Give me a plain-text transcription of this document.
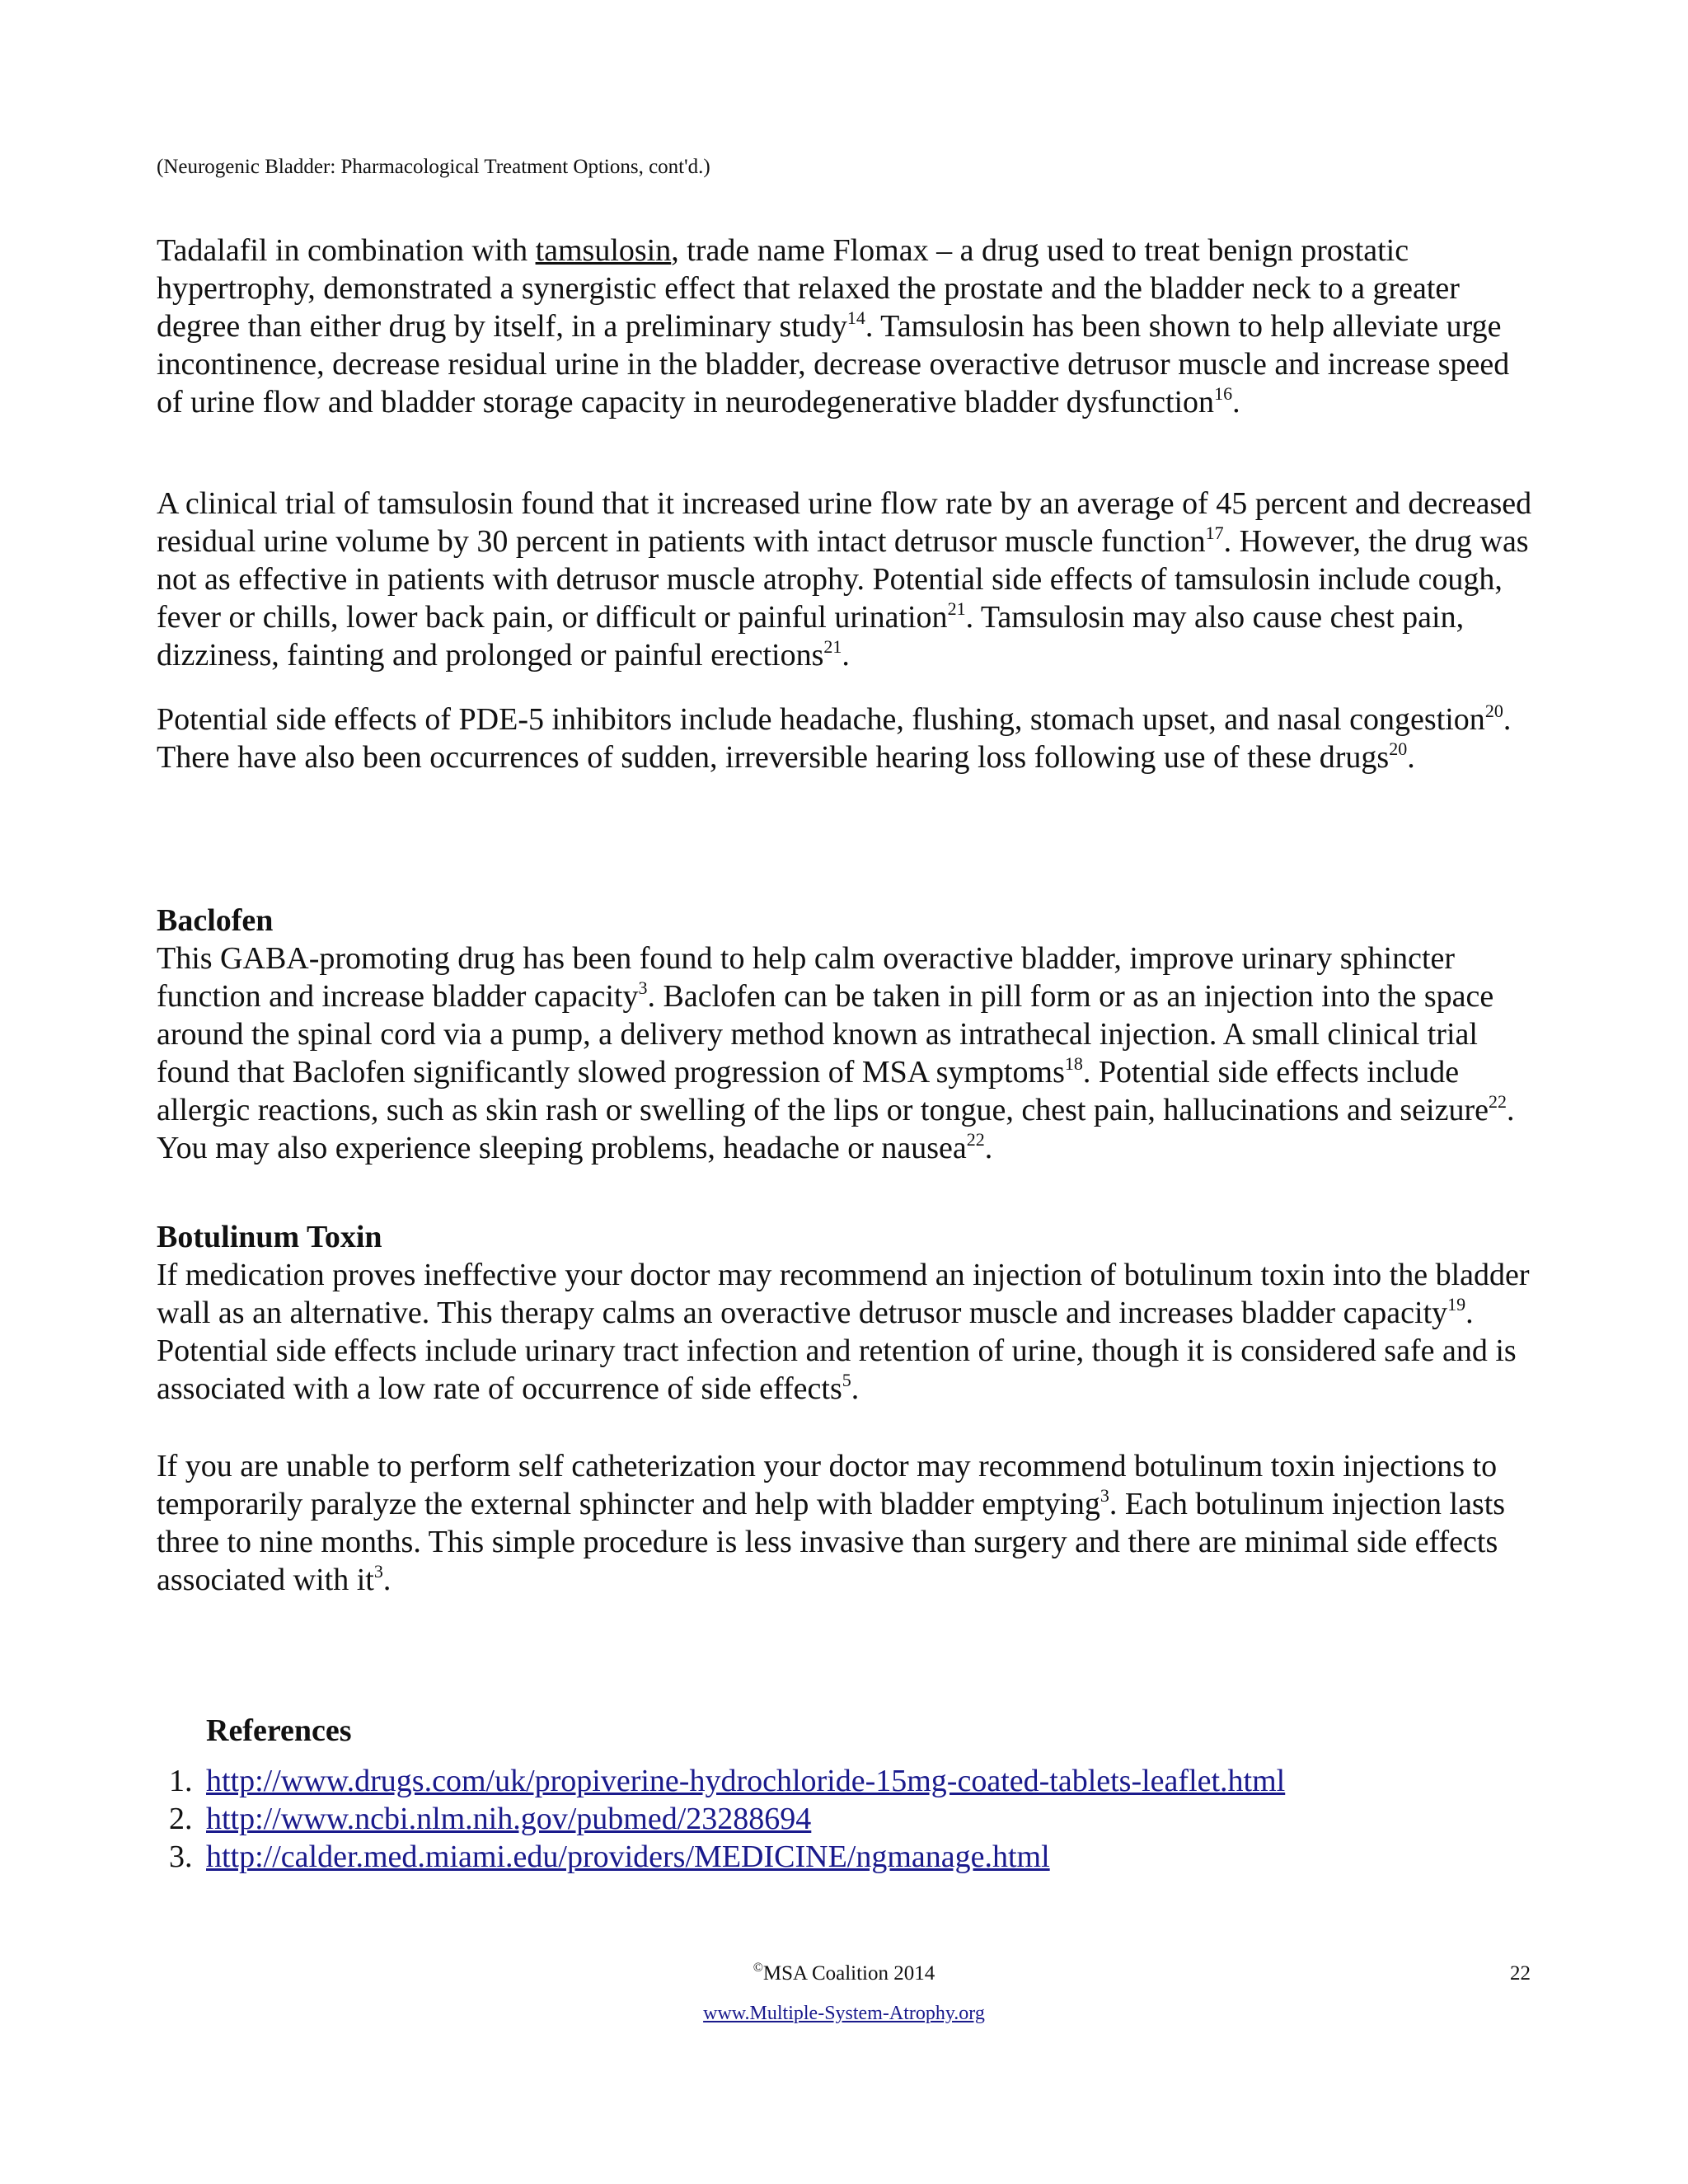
(Neurogenic Bladder: Pharmacological Treatment Options, cont'd.)

Tadalafil in combination with tamsulosin, trade name Flomax – a drug used to treat benign prostatic hypertrophy, demonstrated a synergistic effect that relaxed the prostate and the bladder neck to a greater degree than either drug by itself, in a preliminary study$^{14}$. Tamsulosin has been shown to help alleviate urge incontinence, decrease residual urine in the bladder, decrease overactive detrusor muscle and increase speed of urine flow and bladder storage capacity in neurodegenerative bladder dysfunction$^{16}$.

A clinical trial of tamsulosin found that it increased urine flow rate by an average of 45 percent and decreased residual urine volume by 30 percent in patients with intact detrusor muscle function$^{17}$. However, the drug was not as effective in patients with detrusor muscle atrophy. Potential side effects of tamsulosin include cough, fever or chills, lower back pain, or difficult or painful urination$^{21}$. Tamsulosin may also cause chest pain, dizziness, fainting and prolonged or painful erections$^{21}$.

Potential side effects of PDE-5 inhibitors include headache, flushing, stomach upset, and nasal congestion$^{20}$. There have also been occurrences of sudden, irreversible hearing loss following use of these drugs$^{20}$.

Baclofen

This GABA-promoting drug has been found to help calm overactive bladder, improve urinary sphincter function and increase bladder capacity$^3$. Baclofen can be taken in pill form or as an injection into the space around the spinal cord via a pump, a delivery method known as intrathecal injection. A small clinical trial found that Baclofen significantly slowed progression of MSA symptoms$^{18}$. Potential side effects include allergic reactions, such as skin rash or swelling of the lips or tongue, chest pain, hallucinations and seizure$^{22}$. You may also experience sleeping problems, headache or nausea$^{22}$.

Botulinum Toxin

If medication proves ineffective your doctor may recommend an injection of botulinum toxin into the bladder wall as an alternative. This therapy calms an overactive detrusor muscle and increases bladder capacity$^{19}$. Potential side effects include urinary tract infection and retention of urine, though it is considered safe and is associated with a low rate of occurrence of side effects$^5$.

If you are unable to perform self catheterization your doctor may recommend botulinum toxin injections to temporarily paralyze the external sphincter and help with bladder emptying$^3$. Each botulinum injection lasts three to nine months. This simple procedure is less invasive than surgery and there are minimal side effects associated with $it^3$.

References
1. http://www.drugs.com/uk/propiverine-hydrochloride-15mg-coated-tablets-leaflet.html
2. http://www.ncbi.nlm.nih.gov/pubmed/23288694
3. http://calder.med.miami.edu/providers/MEDICINE/ngmanage.html
©MSA Coalition 2014	22
www.Multiple-System-Atrophy.org
